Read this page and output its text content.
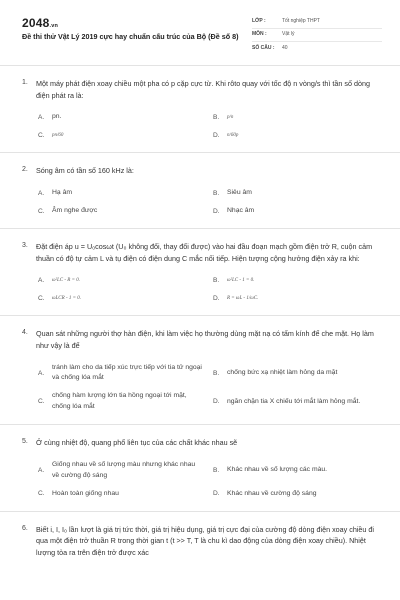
2048.vn
Đề thi thử Vật Lý 2019 cực hay chuẩn cấu trúc của Bộ (Đề số 8)
LỚP :	Tốt nghiệp THPT
MÔN :	Vật lý
SỐ CÂU :	40
1.	Một máy phát điện xoay chiều một pha có p cặp cực từ. Khi rôto quay với tốc độ n vòng/s thì tần số dòng điện phát ra là:
A.	pn.	B.	p/n
C.	pn/60	D.	n/60p
2.	Sóng âm có tần số 160 kHz là:
A.	Hạ âm	B.	Siêu âm
C.	Âm nghe được	D.	Nhạc âm
3.	Đặt điện áp u = U₀cosωt (U₀ không đổi, thay đổi được) vào hai đầu đoạn mạch gồm điện trở R, cuộn cảm thuần có độ tự cảm L và tụ điện có điện dung C mắc nối tiếp. Hiện tượng cộng hưởng điện xảy ra khi:
A.	ω²LC - R = 0.	B.	ω²LC - 1 = 0.
C.	ωLCR - 1 = 0.	D.	R = ωL - 1/ωC.
4.	Quan sát những người thợ hàn điện, khi làm việc họ thường dùng mặt nạ có tấm kính để che mặt. Họ làm như vậy là để
A.
tránh làm cho da tiếp xúc trực tiếp với tia tử ngoại và chống lóa mắt
B.	chống bức xạ nhiệt làm hỏng da mặt
C.
chống hàm lượng lớn tia hồng ngoại tới mặt, chống lóa mắt
D.	ngăn chặn tia X chiếu tới mắt làm hỏng mắt.
5.	Ở cùng nhiệt độ, quang phổ liên tục của các chất khác nhau sẽ
A.
Giống nhau về số lượng màu nhưng khác nhau về cường độ sáng
B.	Khác nhau về số lượng các màu.
C.	Hoàn toàn giống nhau	D.	Khác nhau về cường độ sáng
6.	Biết i, I, I₀ lần lượt là giá trị tức thời, giá trị hiệu dụng, giá trị cực đại của cường độ dòng điện xoay chiều đi qua một điện trở thuần R trong thời gian t (t >> T, T là chu kì dao động của dòng điện xoay chiều). Nhiệt lượng tỏa ra trên điện trở được xác
